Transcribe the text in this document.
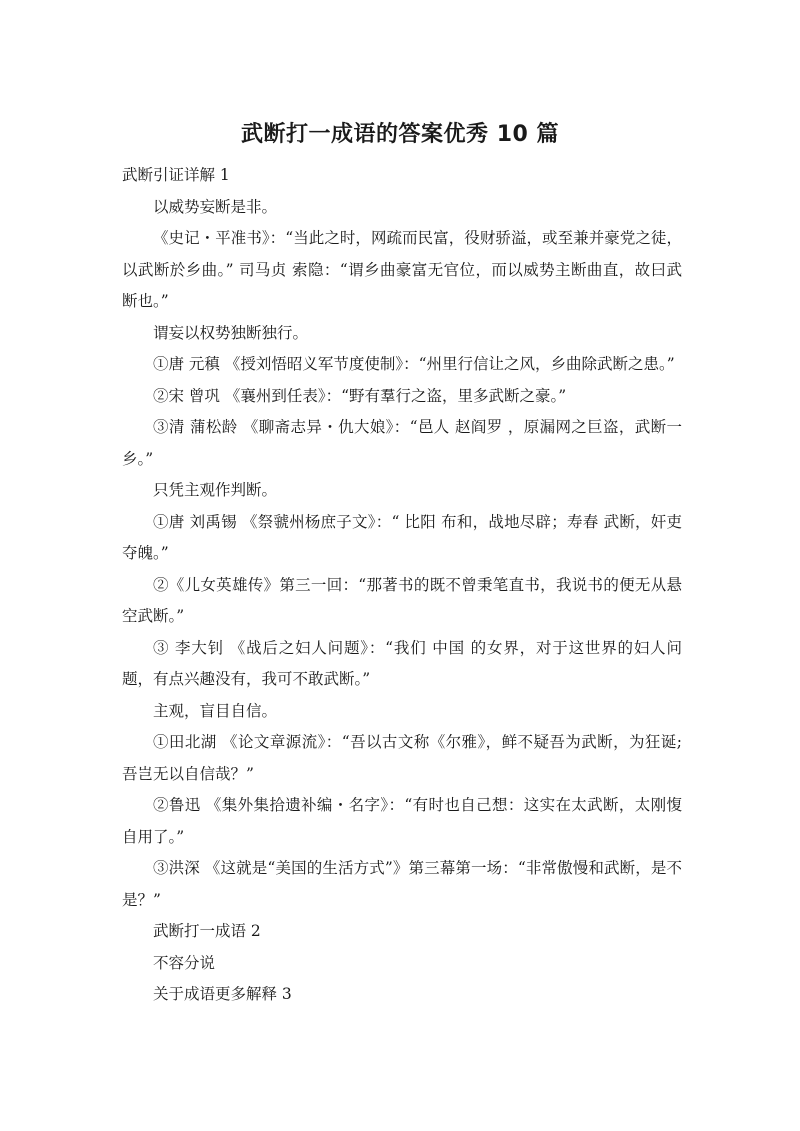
武断打一成语的答案优秀 10 篇

武断引证详解 1

以威势妄断是非。

《史记・平准书》：“当此之时，网疏而民富，役财骄溢，或至兼并豪党之徒，以武断於乡曲。” 司马贞 索隐：“谓乡曲豪富无官位，而以威势主断曲直，故曰武断也。”

谓妄以权势独断独行。

①唐 元稹 《授刘悟昭义军节度使制》：“州里行信让之风，乡曲除武断之患。”

②宋 曾巩 《襄州到任表》：“野有羣行之盗，里多武断之豪。”

③清 蒲松龄 《聊斋志异・仇大娘》：“邑人 赵阎罗 ，原漏网之巨盗，武断一乡。”

只凭主观作判断。

①唐 刘禹锡 《祭虢州杨庶子文》：“ 比阳 布和，战地尽辟；寿春 武断，奸吏夺魄。”

②《儿女英雄传》第三一回：“那著书的既不曾秉笔直书，我说书的便无从悬空武断。”

③ 李大钊 《战后之妇人问题》：“我们 中国 的女界，对于这世界的妇人问题，有点兴趣没有，我可不敢武断。”

主观，盲目自信。

①田北湖 《论文章源流》：“吾以古文称《尔雅》，鲜不疑吾为武断，为狂诞;吾岂无以自信哉？”

②鲁迅 《集外集拾遗补编・名字》：“有时也自己想：这实在太武断，太刚愎自用了。”

③洪深 《这就是“美国的生活方式”》第三幕第一场：“非常傲慢和武断，是不是？”

武断打一成语 2

不容分说

关于成语更多解释 3
